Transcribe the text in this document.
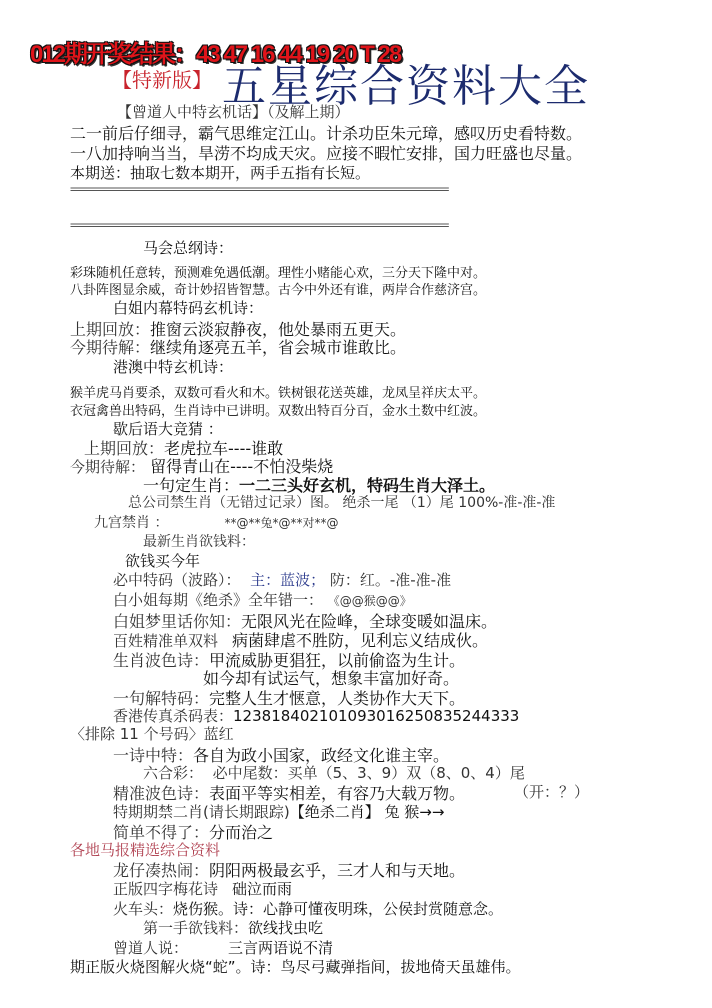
012期开奖结果：43 47 16 44 19 20 T 28
【特新版】 五星综合资料大全
【曾道人中特玄机话】（及解上期）
二一前后仔细寻，霸气思维定江山。计杀功臣朱元璋，感叹历史看特数。
一八加持响当当，旱涝不均成天灾。应接不暇忙安排，国力旺盛也尽量。
本期送：抽取七数本期开，两手五指有长短。
==================================================================
==================================================================
马会总纲诗：
彩珠随机任意转，预测难免遇低潮。理性小赌能心欢，三分天下隆中对。
八卦阵图显余威，奇计妙招皆智慧。古今中外还有谁，两岸合作慈济宫。
白姐内幕特码玄机诗：
上期回放：推窗云淡寂静夜，他处暴雨五更天。
今期待解：继续角逐亮五羊，省会城市谁敢比。
港澳中特玄机诗：
猴羊虎马肖要杀，双数可看火和木。铁树银花送英雄，龙凤呈祥庆太平。
衣冠禽兽出特码，生肖诗中已讲明。双数出特百分百，金水土数中红波。
歇后语大竞猜 ：
上期回放：老虎拉车----谁敢
今期待解： 留得青山在----不怕没柴烧
一句定生肖：一二三头好玄机，特码生肖大泽土。
总公司禁生肖（无错过记录）图。 绝杀一尾 （1）尾 100%-准-准-准
九宫禁肖 ：	**@**兔*@**对**@
最新生肖欲钱料：
欲钱买今年
必中特码（波路）： 主：蓝波； 防：红。-准-准-准
白小姐每期《绝杀》全年错一： 《@@猴@@》
白姐梦里话你知：无限风光在险峰，全球变暖如温床。
百姓精准单双料 病菌肆虐不胜防，见利忘义结成伙。
生肖波色诗：甲流威胁更猖狂，以前偷盗为生计。
如今却有试运气，想象丰富加好奇。
一句解特码：完整人生才惬意，人类协作大天下。
香港传真杀码表：12381840210109301625083524433​3
〈排除 11 个号码〉蓝红
一诗中特：各自为政小国家，政经文化谁主宰。
六合彩： 必中尾数：买单（5、3、9）双（8、0、4）尾
精准波色诗：表面平等实相差，有容乃大载万物。	（开：？）
特期期禁二肖(请长期跟踪)【绝杀二肖】 兔 猴→→
简单不得了：分而治之
各地马报精选综合资料
龙仔凑热闹：阴阳两极最玄乎，三才人和与天地。
正版四字梅花诗 础泣而雨
火车头：烧伤猴。诗：心静可懂夜明珠，公侯封赏随意念。
第一手欲钱料：欲线找虫吃
曾道人说：	三言两语说不清
期正版火烧图解火烧“蛇”。诗：鸟尽弓藏弹指间，拔地倚天虽雄伟。
